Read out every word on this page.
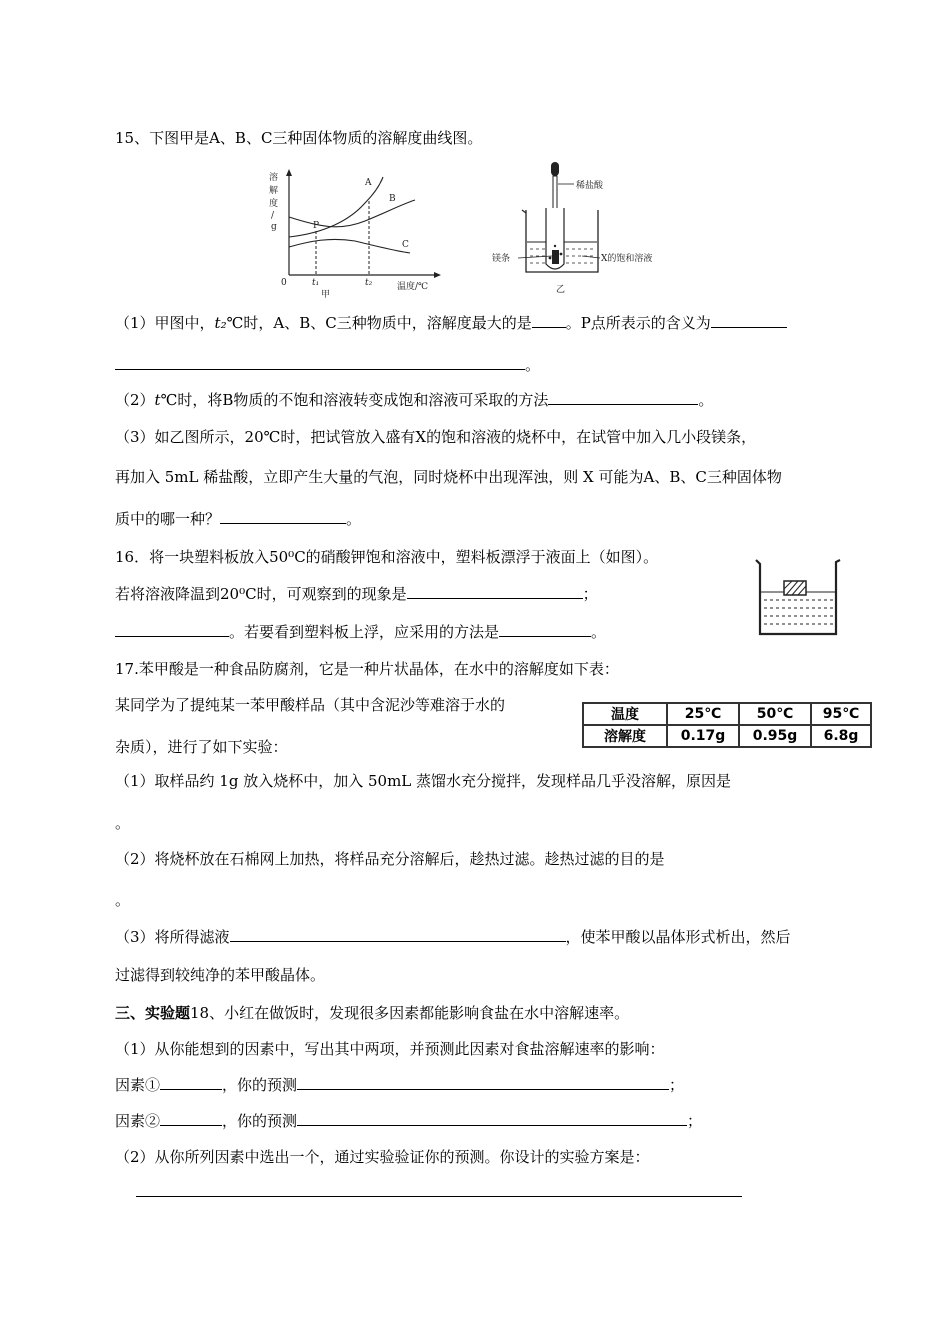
15、下图甲是A、B、C三种固体物质的溶解度曲线图。
溶
解
度
/
g
A
B
C
P
0	t₁	t₂	温度/℃
甲
稀盐酸
镁条	X的饱和溶液
乙
（1）甲图中，t₂℃时，A、B、C三种物质中，溶解度最大的是 。P点所表示的含义为
。
（2）t℃时，将B物质的不饱和溶液转变成饱和溶液可采取的方法	。
（3）如乙图所示，20℃时，把试管放入盛有X的饱和溶液的烧杯中，在试管中加入几小段镁条，
再加入 5mL 稀盐酸，立即产生大量的气泡，同时烧杯中出现浑浊，则 X 可能为A、B、C三种固体物
质中的哪一种？	。
16．将一块塑料板放入50⁰C的硝酸钾饱和溶液中，塑料板漂浮于液面上（如图）。
若将溶液降温到20⁰C时，可观察到的现象是	；
。若要看到塑料板上浮，应采用的方法是	。
17.苯甲酸是一种食品防腐剂，它是一种片状晶体，在水中的溶解度如下表：
某同学为了提纯某一苯甲酸样品（其中含泥沙等难溶于水的
杂质），进行了如下实验：
温度	25℃	50℃	95℃
溶解度	0.17g	0.95g	6.8g
（1）取样品约 1g 放入烧杯中，加入 50mL 蒸馏水充分搅拌，发现样品几乎没溶解，原因是
。
（2）将烧杯放在石棉网上加热，将样品充分溶解后，趁热过滤。趁热过滤的目的是
。
（3）将所得滤液	，使苯甲酸以晶体形式析出，然后
过滤得到较纯净的苯甲酸晶体。
三、实验题18、小红在做饭时，发现很多因素都能影响食盐在水中溶解速率。
（1）从你能想到的因素中，写出其中两项，并预测此因素对食盐溶解速率的影响：
因素①	，你的预测	；
因素②	，你的预测	；
（2）从你所列因素中选出一个，通过实验验证你的预测。你设计的实验方案是：
